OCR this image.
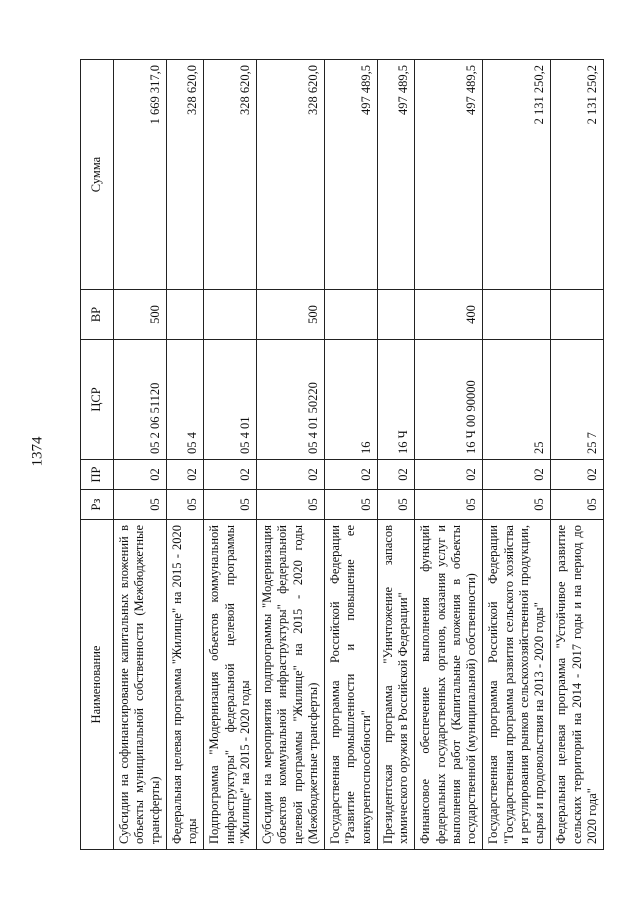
1374
Наименование	Рз	ПР	ЦСР	ВР	Сумма
Субсидии на софинансирование капитальных вложений в объекты муниципальной собственности (Межбюджетные трансферты)	05	02	05 2 06 51120	500	1 669 317,0
Федеральная целевая программа "Жилище" на 2015 - 2020 годы	05	02	05 4		328 620,0
Подпрограмма "Модернизация объектов коммунальной инфраструктуры" федеральной целевой программы "Жилище" на 2015 - 2020 годы	05	02	05 4 01		328 620,0
Субсидии на мероприятия подпрограммы "Модернизация объектов коммунальной инфраструктуры" федеральной целевой программы "Жилище" на 2015 - 2020 годы (Межбюджетные трансферты)	05	02	05 4 01 50220	500	328 620,0
Государственная программа Российской Федерации "Развитие промышленности и повышение ее конкурентоспособности"	05	02	16		497 489,5
Президентская программа "Уничтожение запасов химического оружия в Российской Федерации"	05	02	16 Ч		497 489,5
Финансовое обеспечение выполнения функций федеральных государственных органов, оказания услуг и выполнения работ (Капитальные вложения в объекты государственной (муниципальной) собственности)	05	02	16 Ч 00 90000	400	497 489,5
Государственная программа Российской Федерации "Государственная программа развития сельского хозяйства и регулирования рынков сельскохозяйственной продукции, сырья и продовольствия на 2013 - 2020 годы"	05	02	25		2 131 250,2
Федеральная целевая программа "Устойчивое развитие сельских территорий на 2014 - 2017 годы и на период до 2020 года"	05	02	25 7		2 131 250,2
